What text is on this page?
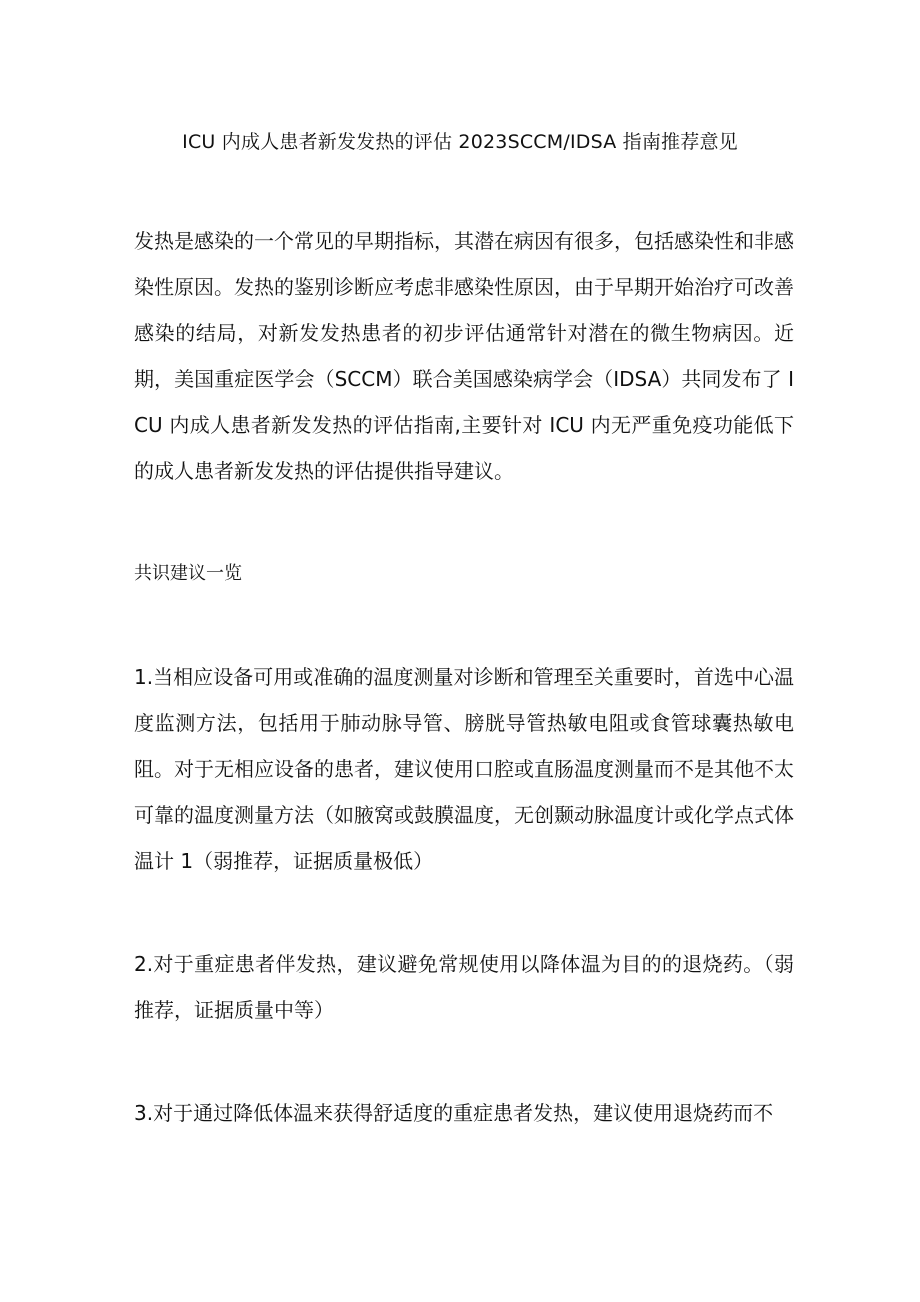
ICU 内成人患者新发发热的评估 2023SCCM/IDSA 指南推荐意见

发热是感染的一个常见的早期指标，其潜在病因有很多，包括感染性和非感染性原因。发热的鉴别诊断应考虑非感染性原因，由于早期开始治疗可改善感染的结局，对新发发热患者的初步评估通常针对潜在的微生物病因。近期，美国重症医学会（SCCM）联合美国感染病学会（IDSA）共同发布了 ICU 内成人患者新发发热的评估指南,主要针对 ICU 内无严重免疫功能低下的成人患者新发发热的评估提供指导建议。

共识建议一览

1.当相应设备可用或准确的温度测量对诊断和管理至关重要时，首选中心温度监测方法，包括用于肺动脉导管、膀胱导管热敏电阻或食管球囊热敏电阻。对于无相应设备的患者，建议使用口腔或直肠温度测量而不是其他不太可靠的温度测量方法（如腋窝或鼓膜温度，无创颞动脉温度计或化学点式体温计 1（弱推荐，证据质量极低）

2.对于重症患者伴发热，建议避免常规使用以降体温为目的的退烧药。（弱推荐，证据质量中等）

3.对于通过降低体温来获得舒适度的重症患者发热，建议使用退烧药而不
